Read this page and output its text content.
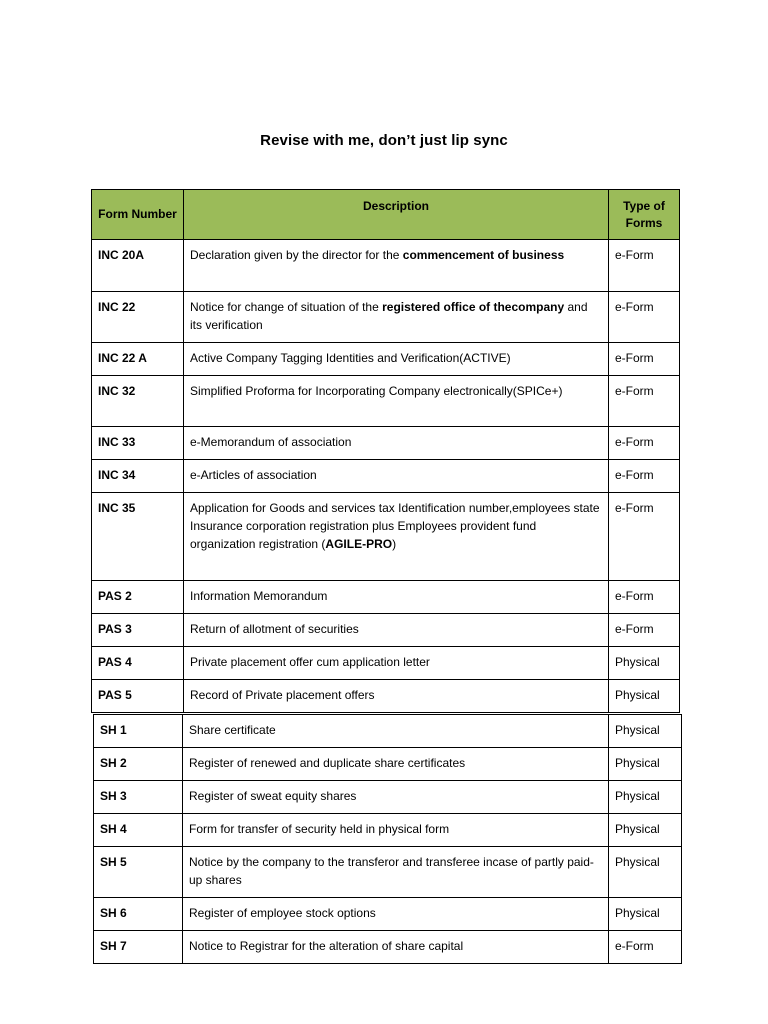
Revise with me, don’t just lip sync
Form Number	Description	Type of Forms
INC 20A	Declaration given by the director for the commencement of business	e-Form
INC 22	Notice for change of situation of the registered office of thecompany and its verification	e-Form
INC 22 A	Active Company Tagging Identities and Verification(ACTIVE)	e-Form
INC 32	Simplified Proforma for Incorporating Company electronically(SPICe+)	e-Form
INC 33	e-Memorandum of association	e-Form
INC 34	e-Articles of association	e-Form
INC 35	Application for Goods and services tax Identification number,employees state Insurance corporation registration plus Employees provident fund organization registration (AGILE-PRO)	e-Form
PAS 2	Information Memorandum	e-Form
PAS 3	Return of allotment of securities	e-Form
PAS 4	Private placement offer cum application letter	Physical
PAS 5	Record of Private placement offers	Physical
SH 1	Share certificate	Physical
SH 2	Register of renewed and duplicate share certificates	Physical
SH 3	Register of sweat equity shares	Physical
SH 4	Form for transfer of security held in physical form	Physical
SH 5	Notice by the company to the transferor and transferee incase of partly paid-up shares	Physical
SH 6	Register of employee stock options	Physical
SH 7	Notice to Registrar for the alteration of share capital	e-Form
